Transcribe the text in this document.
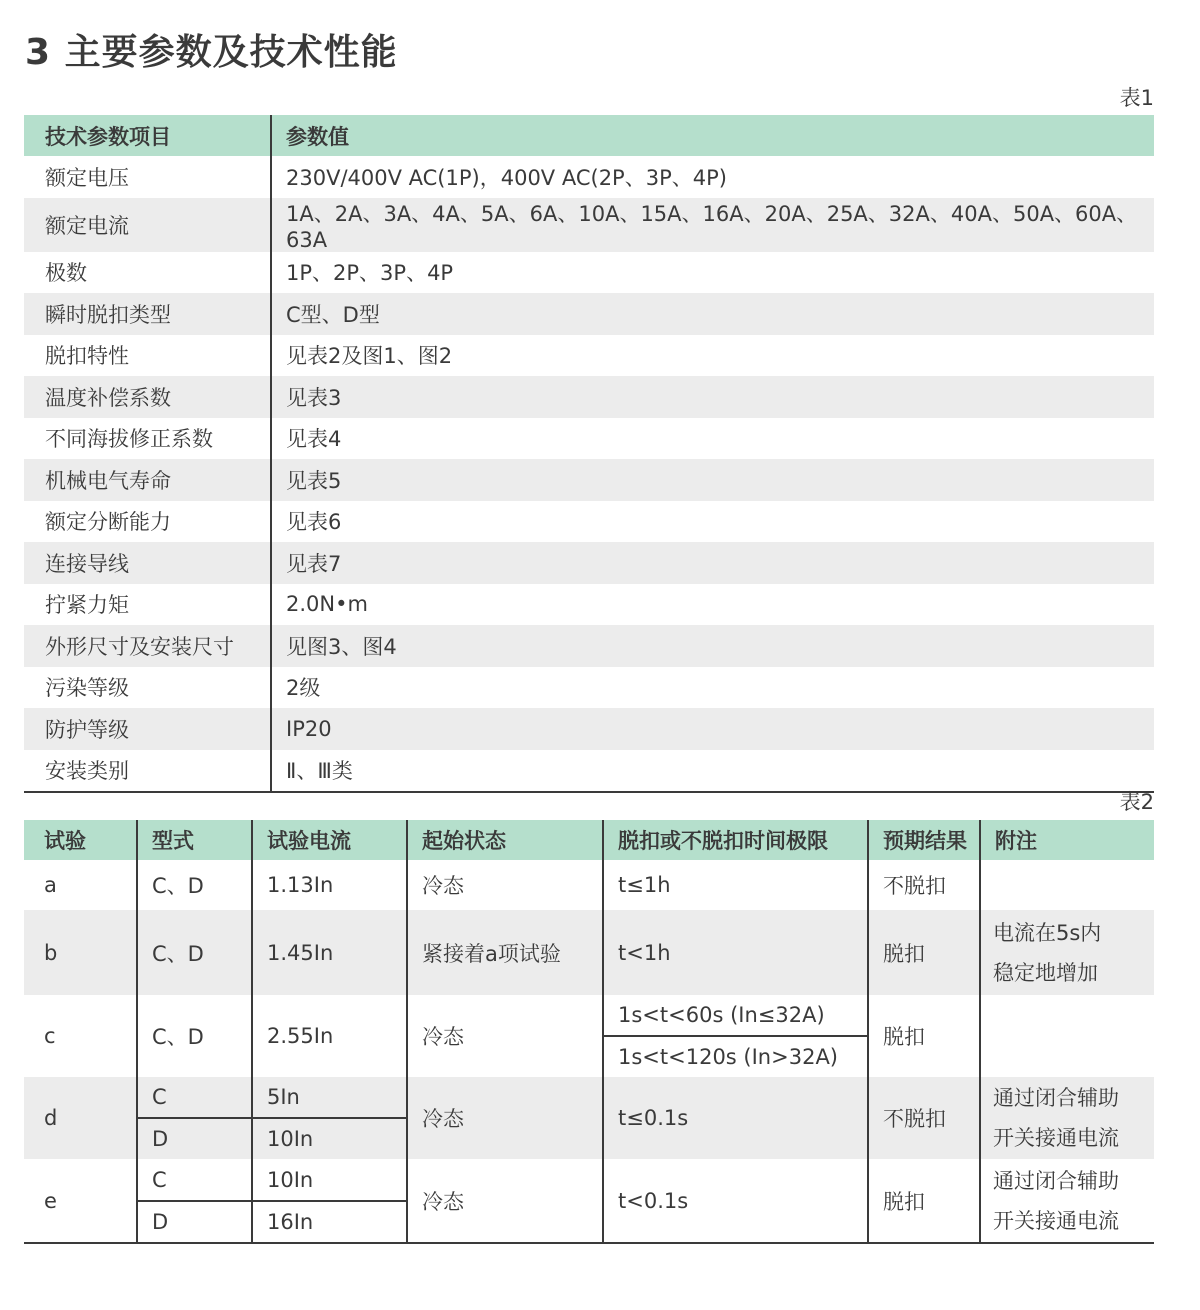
3 主要参数及技术性能
表1
技术参数项目	参数值
额定电压	230V/400V AC(1P)，400V AC(2P、3P、4P)
额定电流	1A、2A、3A、4A、5A、6A、10A、15A、16A、20A、25A、32A、40A、50A、60A、63A
极数	1P、2P、3P、4P
瞬时脱扣类型	C型、D型
脱扣特性	见表2及图1、图2
温度补偿系数	见表3
不同海拔修正系数	见表4
机械电气寿命	见表5
额定分断能力	见表6
连接导线	见表7
拧紧力矩	2.0N•m
外形尺寸及安装尺寸	见图3、图4
污染等级	2级
防护等级	IP20
安装类别	Ⅱ、Ⅲ类
表2
试验	型式	试验电流	起始状态	脱扣或不脱扣时间极限	预期结果	附注
a	C、D	1.13In	冷态	t≤1h	不脱扣	
b	C、D	1.45In	紧接着a项试验	t<1h	脱扣	电流在5s内
稳定地增加

c	C、D	2.55In	冷态	1s<t<60s (In≤32A)	脱扣	
				1s<t<120s (In>32A)		
d	C	5In	冷态	t≤0.1s	不脱扣	通过闭合辅助
开关接通电流

	D	10In				
e	C	10In	冷态	t<0.1s	脱扣	通过闭合辅助
开关接通电流

	D	16In				
